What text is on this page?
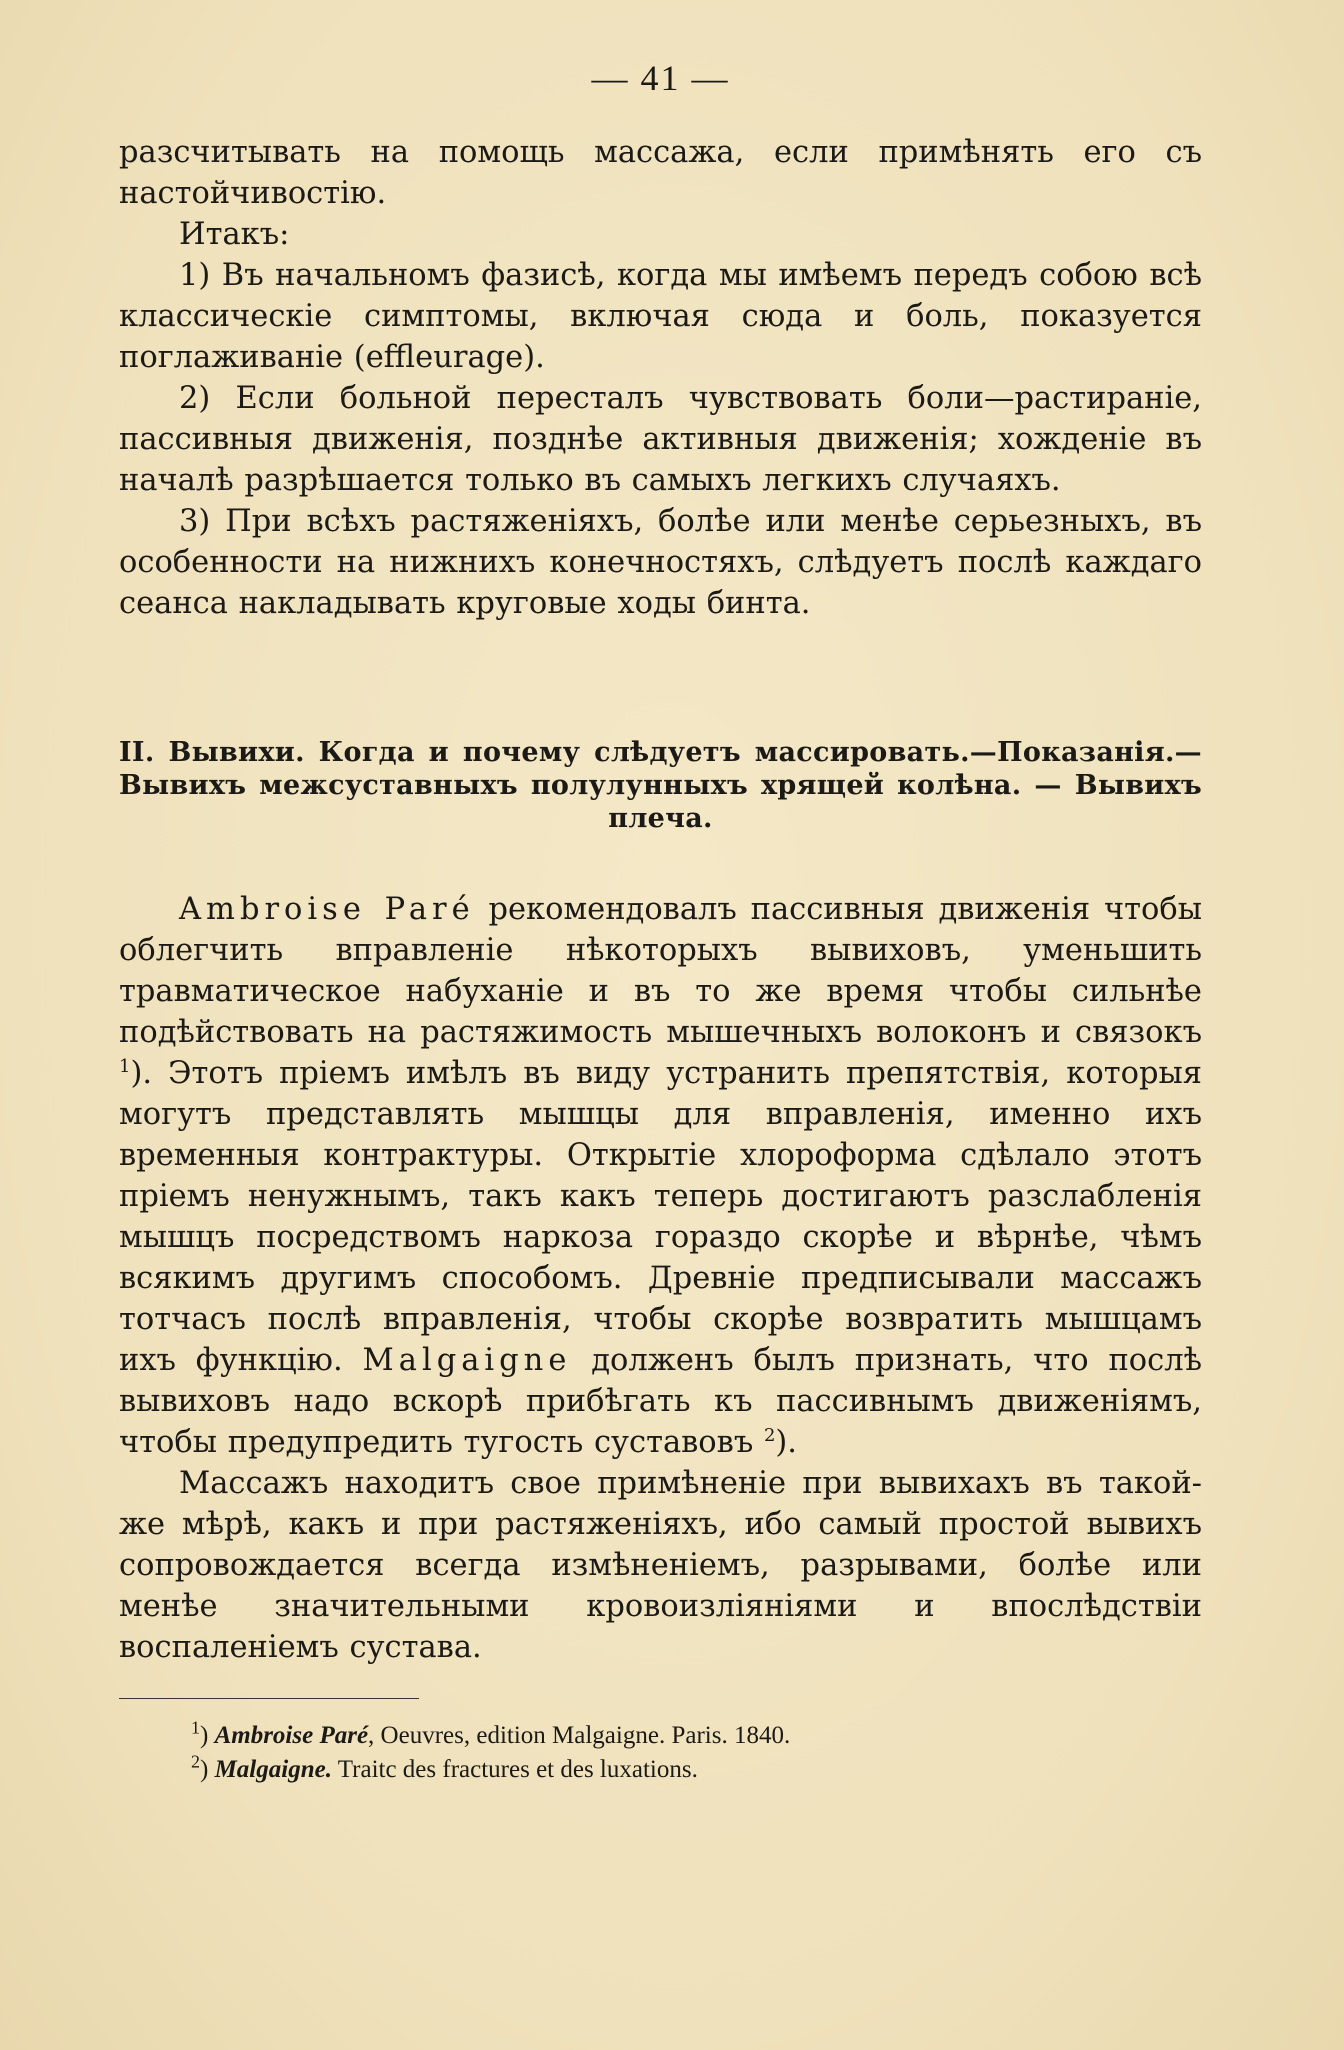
— 41 —

разсчитывать на помощь массажа, если примѣнять его съ настойчивостію.

Итакъ:

1) Въ начальномъ фазисѣ, когда мы имѣемъ передъ собою всѣ классическіе симптомы, включая сюда и боль, показуется поглаживаніе (effleurage).

2) Если больной пересталъ чувствовать боли—растираніе, пассивныя движенія, позднѣе активныя движенія; хожденіе въ началѣ разрѣшается только въ самыхъ легкихъ случаяхъ.

3) При всѣхъ растяженіяхъ, болѣе или менѣе серьезныхъ, въ особенности на нижнихъ конечностяхъ, слѣдуетъ послѣ каждаго сеанса накладывать круговые ходы бинта.

II. Вывихи. Когда и почему слѣдуетъ массировать.—Показанія.—Вывихъ межсуставныхъ полулунныхъ хрящей колѣна. — Вывихъ плеча.

Ambroise Paré рекомендовалъ пассивныя движенія чтобы облегчить вправленіе нѣкоторыхъ вывиховъ, уменьшить травматическое набуханіе и въ то же время чтобы сильнѣе подѣйствовать на растяжимость мышечныхъ волоконъ и связокъ $^1$). Этотъ пріемъ имѣлъ въ виду устранить препятствія, которыя могутъ представлять мышцы для вправленія, именно ихъ временныя контрактуры. Открытіе хлороформа сдѣлало этотъ пріемъ ненужнымъ, такъ какъ теперь достигаютъ разслабленія мышцъ посредствомъ наркоза гораздо скорѣе и вѣрнѣе, чѣмъ всякимъ другимъ способомъ. Древніе предписывали массажъ тотчасъ послѣ вправленія, чтобы скорѣе возвратить мышцамъ ихъ функцію. Malgaigne долженъ былъ признать, что послѣ вывиховъ надо вскорѣ прибѣгать къ пассивнымъ движеніямъ, чтобы предупредить тугость суставовъ $^2$).

Массажъ находитъ свое примѣненіе при вывихахъ въ такой-же мѣрѣ, какъ и при растяженіяхъ, ибо самый простой вывихъ сопровождается всегда измѣненіемъ, разрывами, болѣе или менѣе значительными кровоизліяніями и впослѣдствіи воспаленіемъ сустава.

$^1$) Ambroise Paré, Oeuvres, edition Malgaigne. Paris. 1840.

$^2$) Malgaigne. Traitc des fractures et des luxations.
